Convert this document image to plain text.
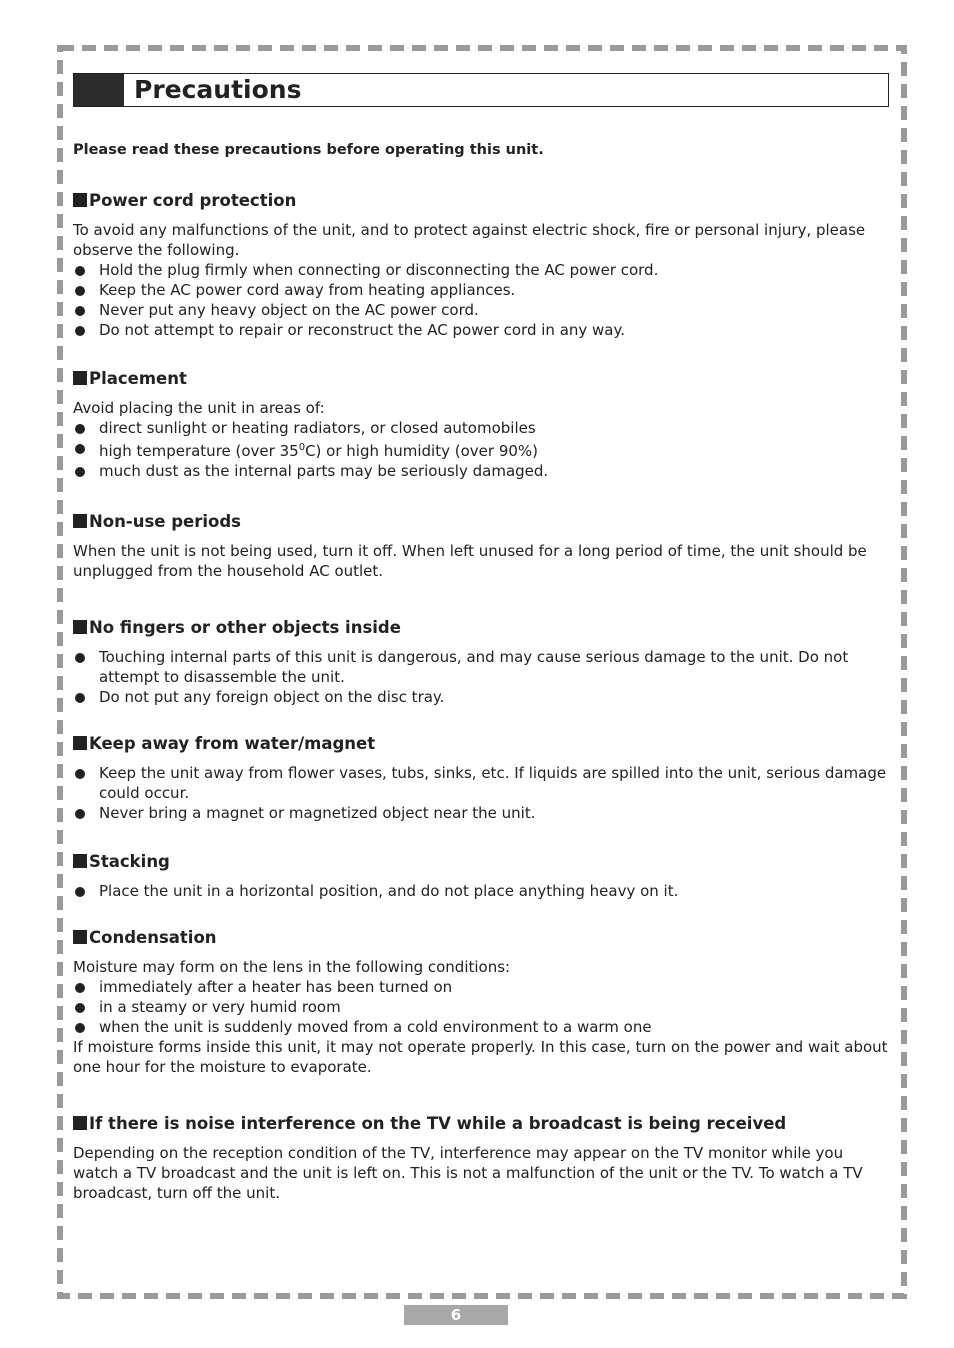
Precautions

Please read these precautions before operating this unit.

Power cord protection

To avoid any malfunctions of the unit, and to protect against electric shock, fire or personal injury, please observe the following.

Hold the plug firmly when connecting or disconnecting the AC power cord.
Keep the AC power cord away from heating appliances.
Never put any heavy object on the AC power cord.
Do not attempt to repair or reconstruct the AC power cord in any way.

Placement

Avoid placing the unit in areas of:

direct sunlight or heating radiators, or closed automobiles
high temperature (over $35^0C$) or high humidity (over 90%)
much dust as the internal parts may be seriously damaged.

Non-use periods

When the unit is not being used, turn it off. When left unused for a long period of time, the unit should be unplugged from the household AC outlet.

No fingers or other objects inside

Touching internal parts of this unit is dangerous, and may cause serious damage to the unit. Do not attempt to disassemble the unit.
Do not put any foreign object on the disc tray.

Keep away from water/magnet

Keep the unit away from flower vases, tubs, sinks, etc. If liquids are spilled into the unit, serious damage could occur.
Never bring a magnet or magnetized object near the unit.

Stacking

Place the unit in a horizontal position, and do not place anything heavy on it.

Condensation

Moisture may form on the lens in the following conditions:

immediately after a heater has been turned on
in a steamy or very humid room
when the unit is suddenly moved from a cold environment to a warm one

If moisture forms inside this unit, it may not operate properly. In this case, turn on the power and wait about one hour for the moisture to evaporate.

If there is noise interference on the TV while a broadcast is being received

Depending on the reception condition of the TV, interference may appear on the TV monitor while you watch a TV broadcast and the unit is left on. This is not a malfunction of the unit or the TV. To watch a TV broadcast, turn off the unit.

6
